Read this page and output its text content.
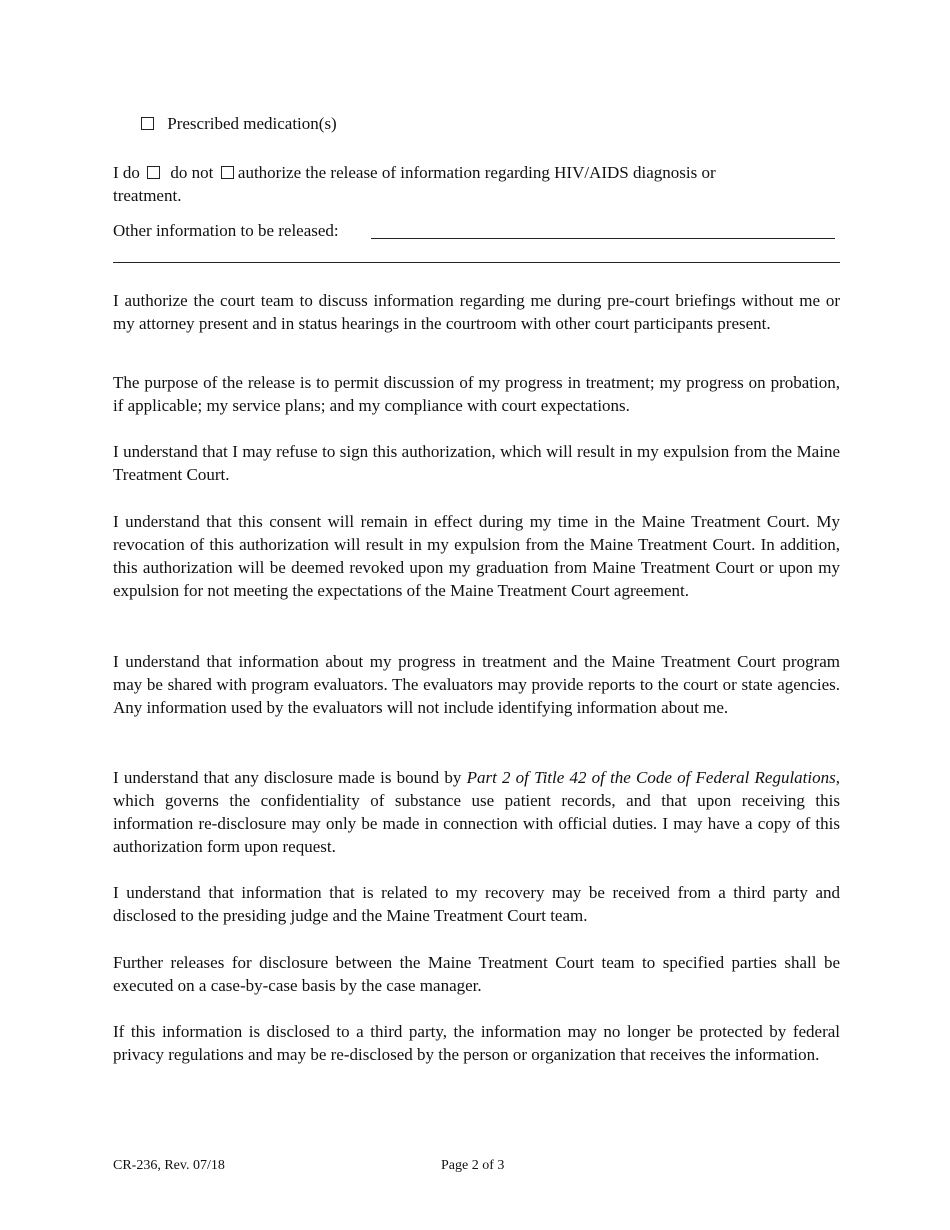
Prescribed medication(s)
I do do not authorize the release of information regarding HIV/AIDS diagnosis or
treatment.
Other information to be released:

I authorize the court team to discuss information regarding me during pre-court briefings without me or my attorney present and in status hearings in the courtroom with other court participants present.

The purpose of the release is to permit discussion of my progress in treatment; my progress on probation, if applicable; my service plans; and my compliance with court expectations.

I understand that I may refuse to sign this authorization, which will result in my expulsion from the Maine Treatment Court.

I understand that this consent will remain in effect during my time in the Maine Treatment Court. My revocation of this authorization will result in my expulsion from the Maine Treatment Court. In addition, this authorization will be deemed revoked upon my graduation from Maine Treatment Court or upon my expulsion for not meeting the expectations of the Maine Treatment Court agreement.

I understand that information about my progress in treatment and the Maine Treatment Court program may be shared with program evaluators. The evaluators may provide reports to the court or state agencies. Any information used by the evaluators will not include identifying information about me.

I understand that any disclosure made is bound by Part 2 of Title 42 of the Code of Federal Regulations, which governs the confidentiality of substance use patient records, and that upon receiving this information re-disclosure may only be made in connection with official duties. I may have a copy of this authorization form upon request.

I understand that information that is related to my recovery may be received from a third party and disclosed to the presiding judge and the Maine Treatment Court team.

Further releases for disclosure between the Maine Treatment Court team to specified parties shall be executed on a case-by-case basis by the case manager.

If this information is disclosed to a third party, the information may no longer be protected by federal privacy regulations and may be re-disclosed by the person or organization that receives the information.

CR-236, Rev. 07/18	Page 2 of 3
